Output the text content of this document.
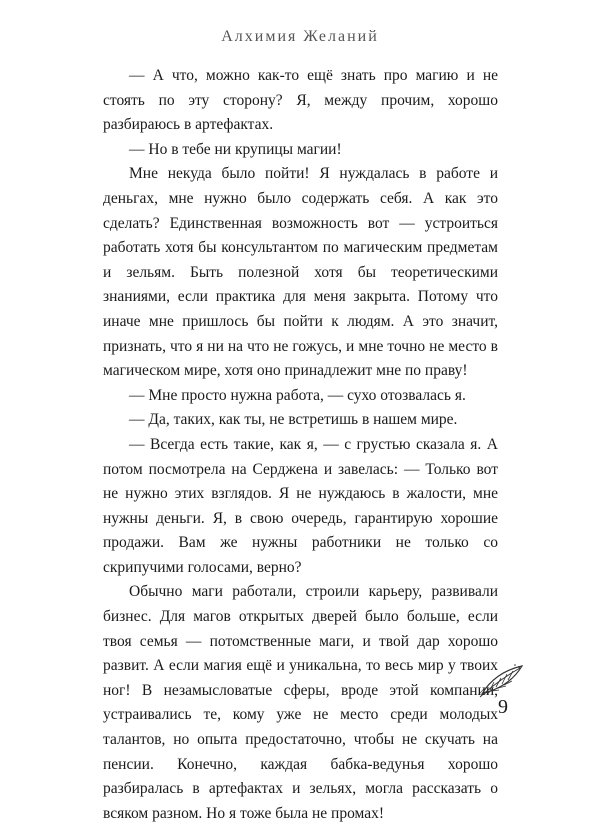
Алхимия Желаний

— А что, можно как-то ещё знать про магию и не стоять по эту сторону? Я, между прочим, хорошо разбираюсь в артефактах.

— Но в тебе ни крупицы магии!

Мне некуда было пойти! Я нуждалась в работе и деньгах, мне нужно было содержать себя. А как это сделать? Единственная возможность вот — устроиться работать хотя бы консультантом по магическим предметам и зельям. Быть полезной хотя бы теоретическими знаниями, если практика для меня закрыта. Потому что иначе мне пришлось бы пойти к людям. А это значит, признать, что я ни на что не гожусь, и мне точно не место в магическом мире, хотя оно принадлежит мне по праву!

— Мне просто нужна работа, — сухо отозвалась я.

— Да, таких, как ты, не встретишь в нашем мире.

— Всегда есть такие, как я, — с грустью сказала я. А потом посмотрела на Серджена и завелась: — Только вот не нужно этих взглядов. Я не нуждаюсь в жалости, мне нужны деньги. Я, в свою очередь, гарантирую хорошие продажи. Вам же нужны работники не только со скрипучими голосами, верно?

Обычно маги работали, строили карьеру, развивали бизнес. Для магов открытых дверей было больше, если твоя семья — потомственные маги, и твой дар хорошо развит. А если магия ещё и уникальна, то весь мир у твоих ног! В незамысловатые сферы, вроде этой компании, устраивались те, кому уже не место среди молодых талантов, но опыта предостаточно, чтобы не скучать на пенсии. Конечно, каждая бабка-ведунья хорошо разбиралась в артефактах и зельях, могла рассказать о всяком разном. Но я тоже была не промах!

9
